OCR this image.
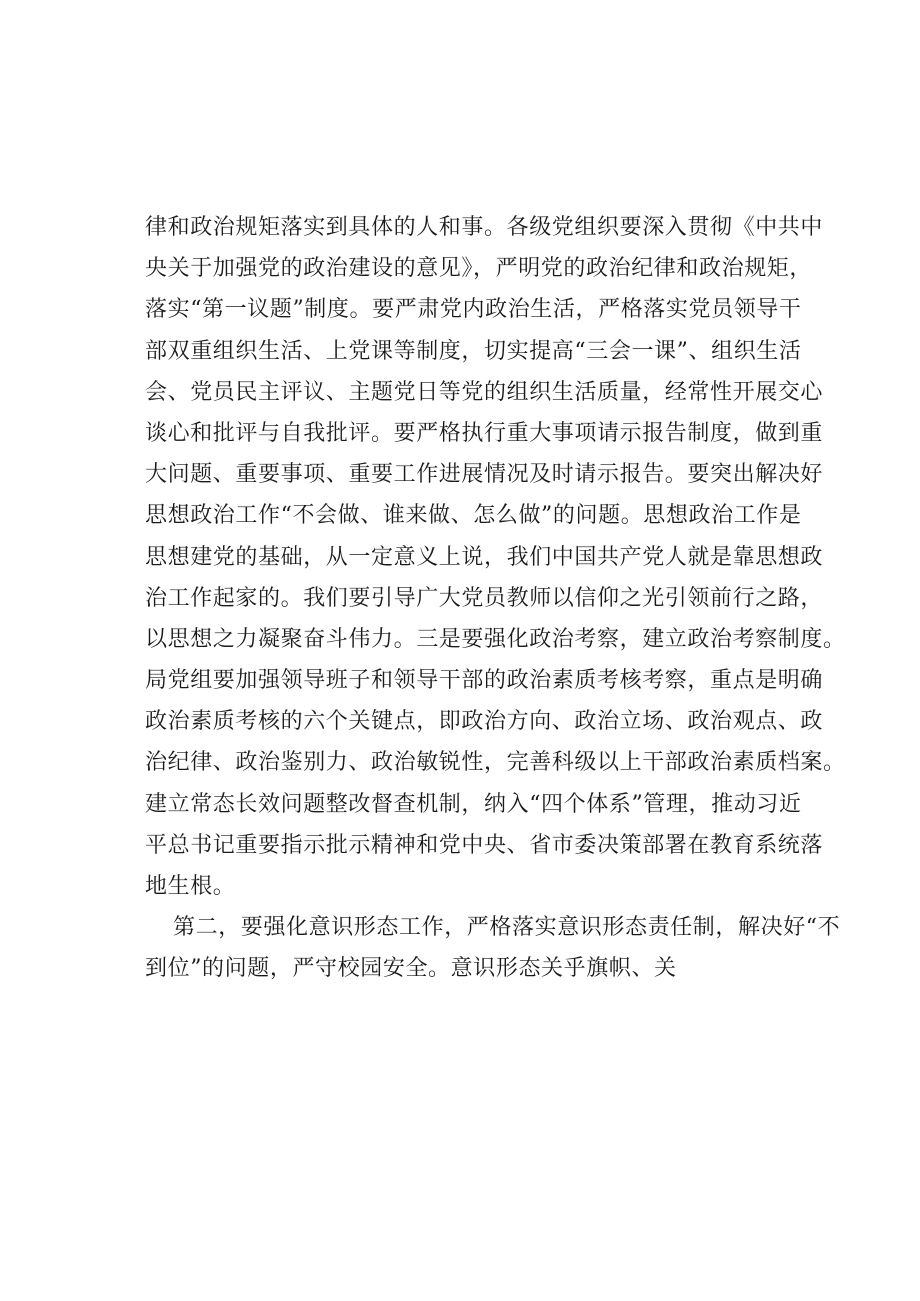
律和政治规矩落实到具体的人和事。各级党组织要深入贯彻《中共中
央关于加强党的政治建设的意见》，严明党的政治纪律和政治规矩，
落实“第一议题”制度。要严肃党内政治生活，严格落实党员领导干
部双重组织生活、上党课等制度，切实提高“三会一课”、组织生活
会、党员民主评议、主题党日等党的组织生活质量，经常性开展交心
谈心和批评与自我批评。要严格执行重大事项请示报告制度，做到重
大问题、重要事项、重要工作进展情况及时请示报告。要突出解决好
思想政治工作“不会做、谁来做、怎么做”的问题。思想政治工作是
思想建党的基础，从一定意义上说，我们中国共产党人就是靠思想政
治工作起家的。我们要引导广大党员教师以信仰之光引领前行之路，
以思想之力凝聚奋斗伟力。三是要强化政治考察，建立政治考察制度。
局党组要加强领导班子和领导干部的政治素质考核考察，重点是明确
政治素质考核的六个关键点，即政治方向、政治立场、政治观点、政
治纪律、政治鉴别力、政治敏锐性，完善科级以上干部政治素质档案。
建立常态长效问题整改督查机制，纳入“四个体系”管理，推动习近
平总书记重要指示批示精神和党中央、省市委决策部署在教育系统落
地生根。
第二，要强化意识形态工作，严格落实意识形态责任制，解决好“不
到位”的问题，严守校园安全。意识形态关乎旗帜、关
